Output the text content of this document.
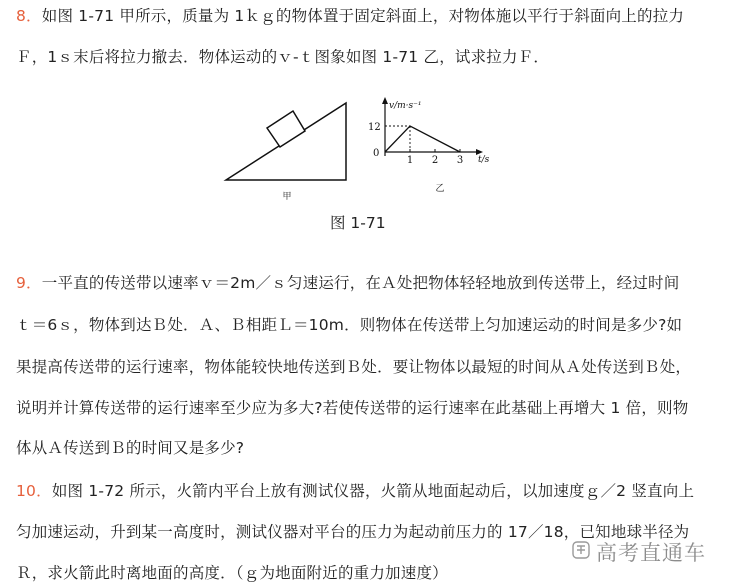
8．如图 1-71 甲所示，质量为 1ｋｇ的物体置于固定斜面上，对物体施以平行于斜面向上的拉力
Ｆ，1ｓ末后将拉力撤去．物体运动的ｖ-ｔ图象如图 1-71 乙，试求拉力Ｆ．
甲
1 2 3
12
0
v/m·s⁻¹
t/s
乙
图 1-71
9．一平直的传送带以速率ｖ＝2m／ｓ匀速运行，在Ａ处把物体轻轻地放到传送带上，经过时间
ｔ＝6ｓ，物体到达Ｂ处．Ａ、Ｂ相距Ｌ＝10m．则物体在传送带上匀加速运动的时间是多少?如
果提高传送带的运行速率，物体能较快地传送到Ｂ处．要让物体以最短的时间从Ａ处传送到Ｂ处，
说明并计算传送带的运行速率至少应为多大?若使传送带的运行速率在此基础上再增大 1 倍，则物
体从Ａ传送到Ｂ的时间又是多少?
10．如图 1-72 所示，火箭内平台上放有测试仪器，火箭从地面起动后，以加速度ｇ／2 竖直向上
匀加速运动，升到某一高度时，测试仪器对平台的压力为起动前压力的 17／18，已知地球半径为
Ｒ，求火箭此时离地面的高度．（ｇ为地面附近的重力加速度）
高考直通车
